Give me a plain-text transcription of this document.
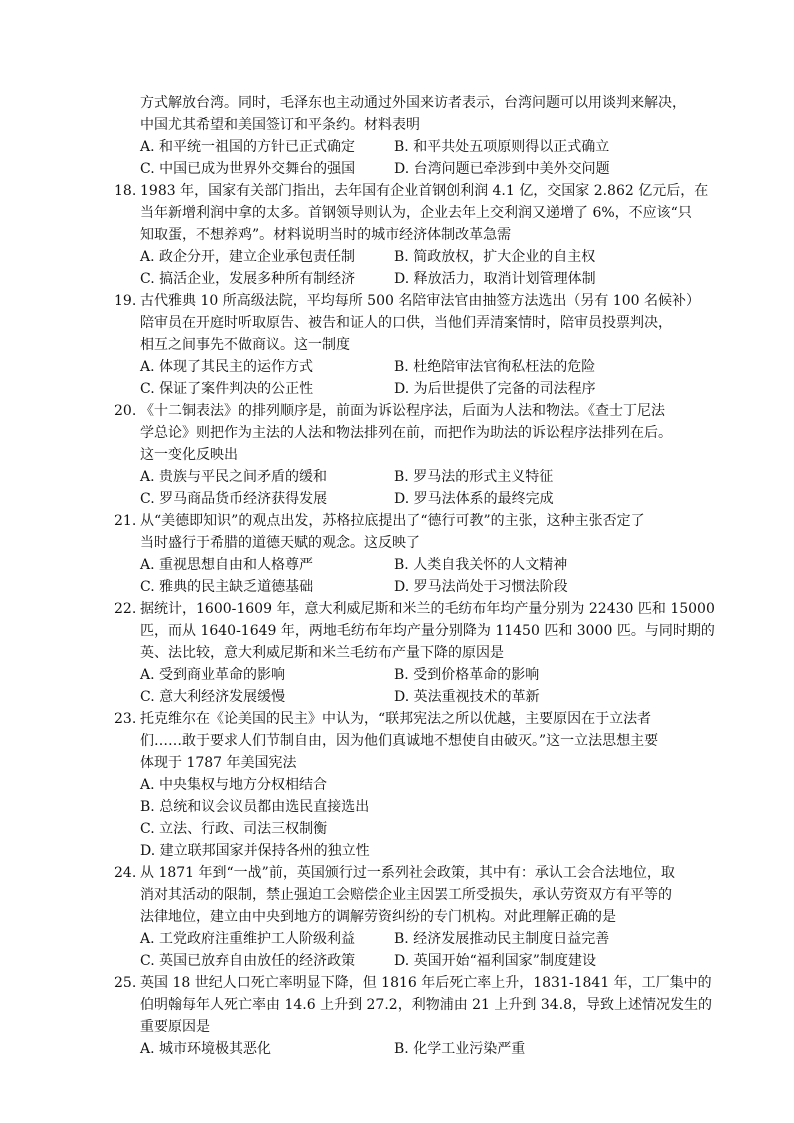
方式解放台湾。同时，毛泽东也主动通过外国来访者表示，台湾问题可以用谈判来解决，
中国尤其希望和美国签订和平条约。材料表明
A. 和平统一祖国的方针已正式确定	B. 和平共处五项原则得以正式确立
C. 中国已成为世界外交舞台的强国	D. 台湾问题已牵涉到中美外交问题
18. 1983 年，国家有关部门指出，去年国有企业首钢创利润 4.1 亿，交国家 2.862 亿元后，在
当年新增利润中拿的太多。首钢领导则认为，企业去年上交利润又递增了 6%，不应该“只
知取蛋，不想养鸡”。材料说明当时的城市经济体制改革急需
A. 政企分开，建立企业承包责任制	B. 简政放权，扩大企业的自主权
C. 搞活企业，发展多种所有制经济	D. 释放活力，取消计划管理体制
19. 古代雅典 10 所高级法院，平均每所 500 名陪审法官由抽签方法选出（另有 100 名候补）
陪审员在开庭时听取原告、被告和证人的口供，当他们弄清案情时，陪审员投票判决，
相互之间事先不做商议。这一制度
A. 体现了其民主的运作方式	B. 杜绝陪审法官徇私枉法的危险
C. 保证了案件判决的公正性	D. 为后世提供了完备的司法程序
20. 《十二铜表法》的排列顺序是，前面为诉讼程序法，后面为人法和物法。《查士丁尼法
学总论》则把作为主法的人法和物法排列在前，而把作为助法的诉讼程序法排列在后。
这一变化反映出
A. 贵族与平民之间矛盾的缓和	B. 罗马法的形式主义特征
C. 罗马商品货币经济获得发展	D. 罗马法体系的最终完成
21. 从“美德即知识”的观点出发，苏格拉底提出了“德行可教”的主张，这种主张否定了
当时盛行于希腊的道德天赋的观念。这反映了
A. 重视思想自由和人格尊严	B. 人类自我关怀的人文精神
C. 雅典的民主缺乏道德基础	D. 罗马法尚处于习惯法阶段
22. 据统计，1600-1609 年，意大利威尼斯和米兰的毛纺布年均产量分别为 22430 匹和 15000
匹，而从 1640-1649 年，两地毛纺布年均产量分别降为 11450 匹和 3000 匹。与同时期的
英、法比较，意大利威尼斯和米兰毛纺布产量下降的原因是
A. 受到商业革命的影响	B. 受到价格革命的影响
C. 意大利经济发展缓慢	D. 英法重视技术的革新
23. 托克维尔在《论美国的民主》中认为，“联邦宪法之所以优越，主要原因在于立法者
们……敢于要求人们节制自由，因为他们真诚地不想使自由破灭。”这一立法思想主要
体现于 1787 年美国宪法
A. 中央集权与地方分权相结合
B. 总统和议会议员都由选民直接选出
C. 立法、行政、司法三权制衡
D. 建立联邦国家并保持各州的独立性
24. 从 1871 年到“一战”前，英国颁行过一系列社会政策，其中有：承认工会合法地位，取
消对其活动的限制，禁止强迫工会赔偿企业主因罢工所受损失，承认劳资双方有平等的
法律地位，建立由中央到地方的调解劳资纠纷的专门机构。对此理解正确的是
A. 工党政府注重维护工人阶级利益	B. 经济发展推动民主制度日益完善
C. 英国已放弃自由放任的经济政策	D. 英国开始“福利国家”制度建设
25. 英国 18 世纪人口死亡率明显下降，但 1816 年后死亡率上升，1831-1841 年，工厂集中的
伯明翰每年人死亡率由 14.6 上升到 27.2，利物浦由 21 上升到 34.8，导致上述情况发生的
重要原因是
A. 城市环境极其恶化	B. 化学工业污染严重
